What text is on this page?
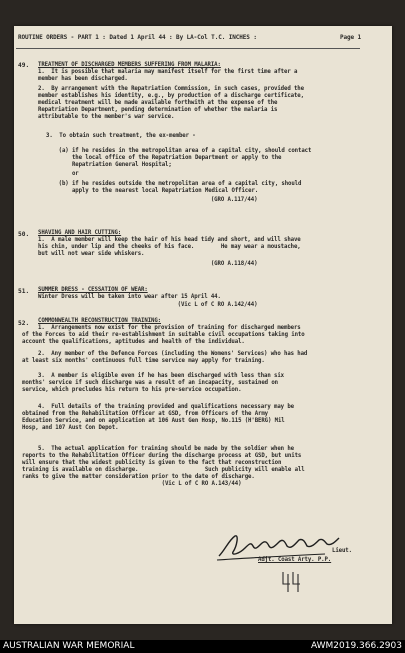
ROUTINE ORDERS - PART 1 : Dated 1 April 44 : By LA-Col T.C. INCHES :	Page 1
49. TREATMENT OF DISCHARGED MEMBERS SUFFERING FROM MALARIA:
1.  It is possible that malaria may manifest itself for the first time after a
member has been discharged.
2.  By arrangement with the Repatriation Commission, in such cases, provided the
member establishes his identity, e.g., by production of a discharge certificate,
medical treatment will be made available forthwith at the expense of the
Repatriation Department, pending determination of whether the malaria is
attributable to the member's war service.
3.  To obtain such treatment, the ex-member -
(a) if he resides in the metropolitan area of a capital city, should contact
the local office of the Repatriation Department or apply to the
Repatriation General Hospital;
or
(b) if he resides outside the metropolitan area of a capital city, should
apply to the nearest local Repatriation Medical Officer.
(GRO A.117/44)
50. SHAVING AND HAIR CUTTING:
1.  A male member will keep the hair of his head tidy and short, and will shave
his chin, under lip and the cheeks of his face.        He may wear a moustache,
but will not wear side whiskers.
(GRO A.118/44)
51. SUMMER DRESS - CESSATION OF WEAR:
Winter Dress will be taken into wear after 15 April 44.
(Vic L of C RO A.142/44)
52. COMMONWEALTH RECONSTRUCTION TRAINING:
1.  Arrangements now exist for the provision of training for discharged members
of the Forces to aid their re-establishment in suitable civil occupations taking into
account the qualifications, aptitudes and health of the individual.
2.  Any member of the Defence Forces (including the Womens' Services) who has had
at least six months' continuous full time service may apply for training.
3.  A member is eligible even if he has been discharged with less than six
months' service if such discharge was a result of an incapacity, sustained on
service, which precludes his return to his pre-service occupation.
4.  Full details of the training provided and qualifications necessary may be
obtained from the Rehabilitation Officer at GSD, from Officers of the Army
Education Service, and on application at 106 Aust Gen Hosp, No.115 (H'BERG) Mil
Hosp, and 107 Aust Con Depot.
5.  The actual application for training should be made by the soldier when he
reports to the Rehabilitation Officer during the discharge process at GSD, but units
will ensure that the widest publicity is given to the fact that reconstruction
training is available on discharge.                    Such publicity will enable all
ranks to give the matter consideration prior to the date of discharge.
(Vic L of C RO A.143/44)
Lieut.
Adjt. Coast Arty. P.P.
AUSTRALIAN WAR MEMORIAL	AWM2019.366.2903
